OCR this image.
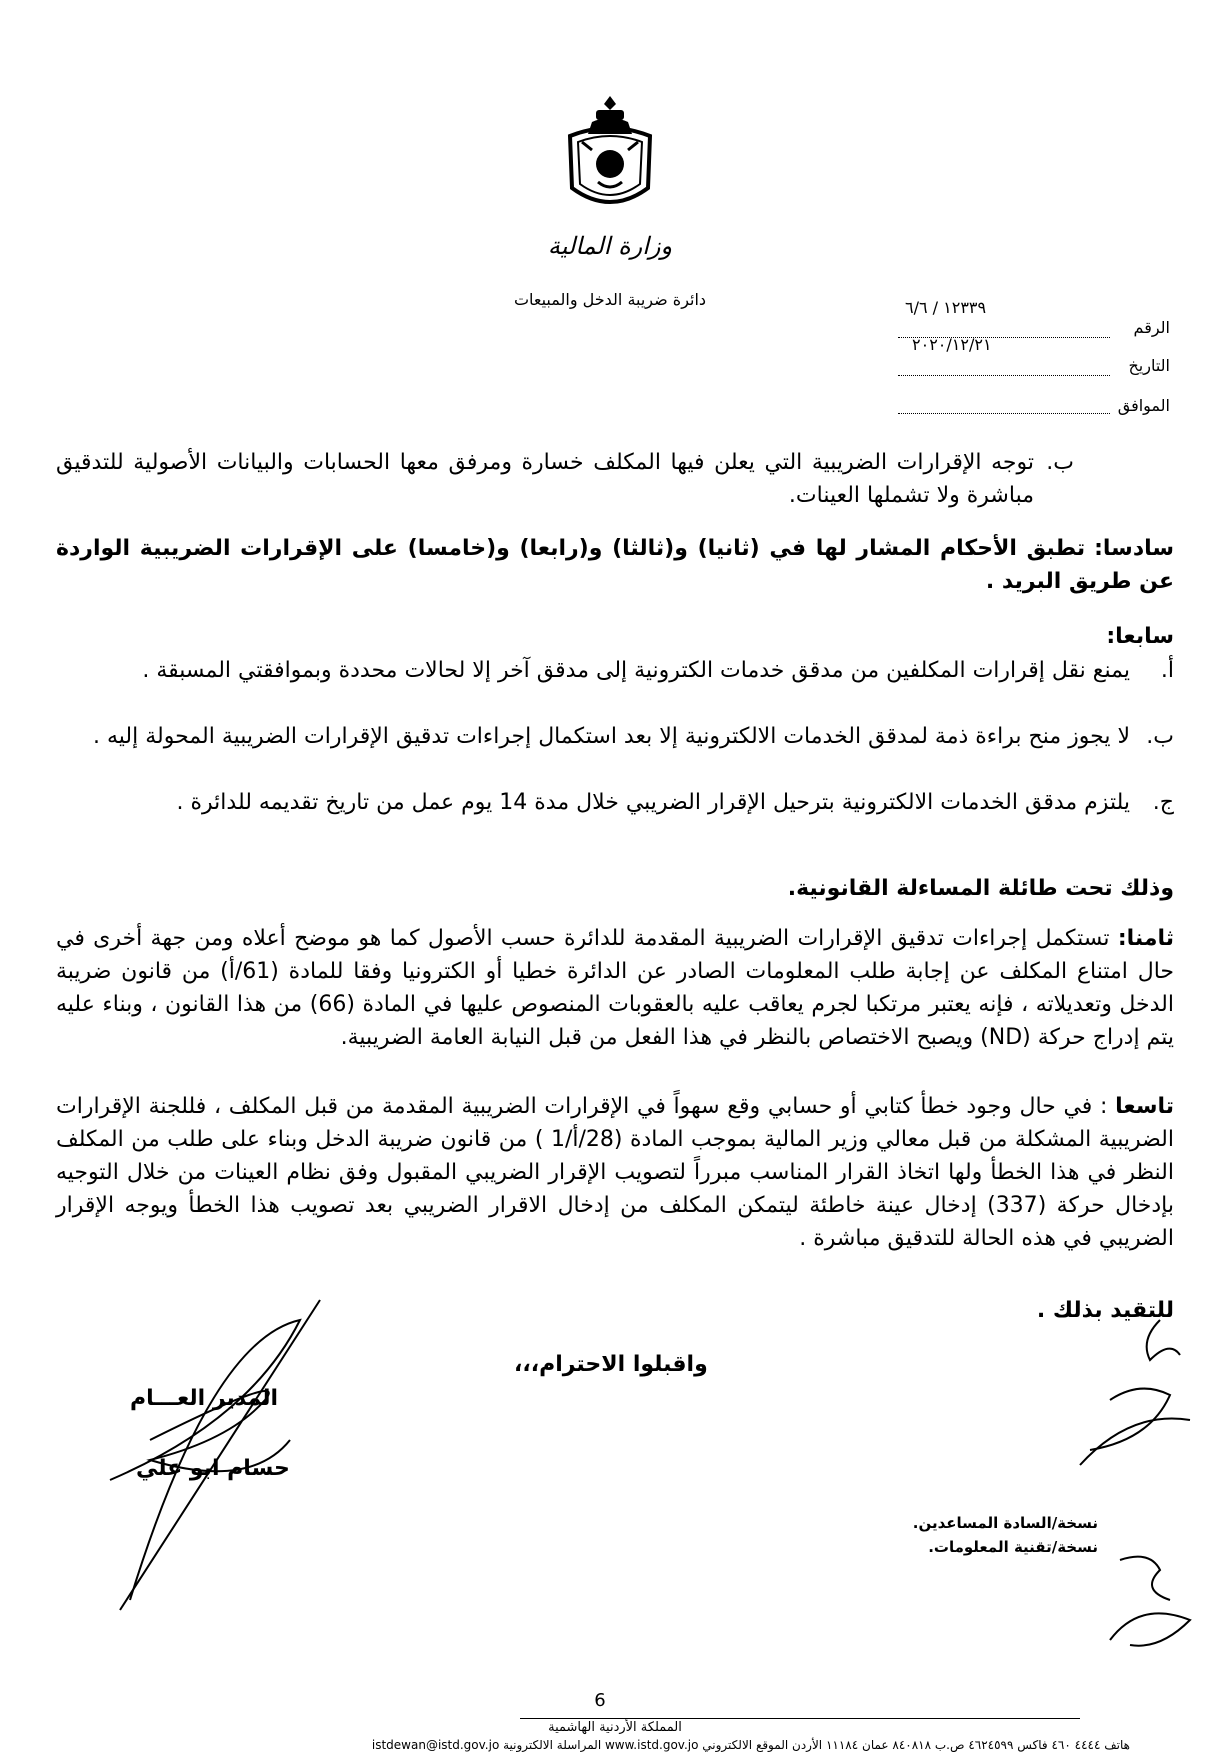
وزارة المالية
دائرة ضريبة الدخل والمبيعات
الرقم
١٢٣٣٩ / ٦/٦
التاريخ
٢٠٢٠/١٢/٢١
الموافق
ب.
توجه الإقرارات الضريبية التي يعلن فيها المكلف خسارة ومرفق معها الحسابات والبيانات الأصولية للتدقيق مباشرة ولا تشملها العينات.
سادسا: تطبق الأحكام المشار لها في (ثانيا) و(ثالثا) و(رابعا) و(خامسا) على الإقرارات الضريبية الواردة عن طريق البريد .
سابعا:
أ.
يمنع نقل إقرارات المكلفين من مدقق خدمات الكترونية إلى مدقق آخر إلا لحالات محددة وبموافقتي المسبقة .
ب.
لا يجوز منح براءة ذمة لمدقق الخدمات الالكترونية إلا بعد استكمال إجراءات تدقيق الإقرارات الضريبية المحولة إليه .
ج.
يلتزم مدقق الخدمات الالكترونية بترحيل الإقرار الضريبي خلال مدة 14 يوم عمل من تاريخ تقديمه للدائرة .
وذلك تحت طائلة المساءلة القانونية.
ثامنا: تستكمل إجراءات تدقيق الإقرارات الضريبية المقدمة للدائرة حسب الأصول كما هو موضح أعلاه ومن جهة أخرى في حال امتناع المكلف عن إجابة طلب المعلومات الصادر عن الدائرة خطيا أو الكترونيا وفقا للمادة (61/أ) من قانون ضريبة الدخل وتعديلاته ، فإنه يعتبر مرتكبا لجرم يعاقب عليه بالعقوبات المنصوص عليها في المادة (66) من هذا القانون ، وبناء عليه يتم إدراج حركة (ND) ويصبح الاختصاص بالنظر في هذا الفعل من قبل النيابة العامة الضريبية.
تاسعا : في حال وجود خطأ كتابي أو حسابي وقع سهواً في الإقرارات الضريبية المقدمة من قبل المكلف ، فللجنة الإقرارات الضريبية المشكلة من قبل معالي وزير المالية بموجب المادة (28/أ/1 ) من قانون ضريبة الدخل وبناء على طلب من المكلف النظر في هذا الخطأ ولها اتخاذ القرار المناسب مبرراً لتصويب الإقرار الضريبي المقبول وفق نظام العينات من خلال التوجيه بإدخال حركة (337) إدخال عينة خاطئة ليتمكن المكلف من إدخال الاقرار الضريبي بعد تصويب هذا الخطأ ويوجه الإقرار الضريبي في هذه الحالة للتدقيق مباشرة .
للتقيد بذلك .
واقبلوا الاحترام،،،
المدير العـــام
حسام ابو علي
نسخة/السادة المساعدين.
نسخة/تقنية المعلومات.
6
المملكة الأردنية الهاشمية
هاتف ٤٤٤٤ ٤٦٠ فاكس ٤٦٢٤٥٩٩ ص.ب ٨٤٠٨١٨ عمان ١١١٨٤ الأردن الموقع الالكتروني www.istd.gov.jo المراسلة الالكترونية istdewan@istd.gov.jo
